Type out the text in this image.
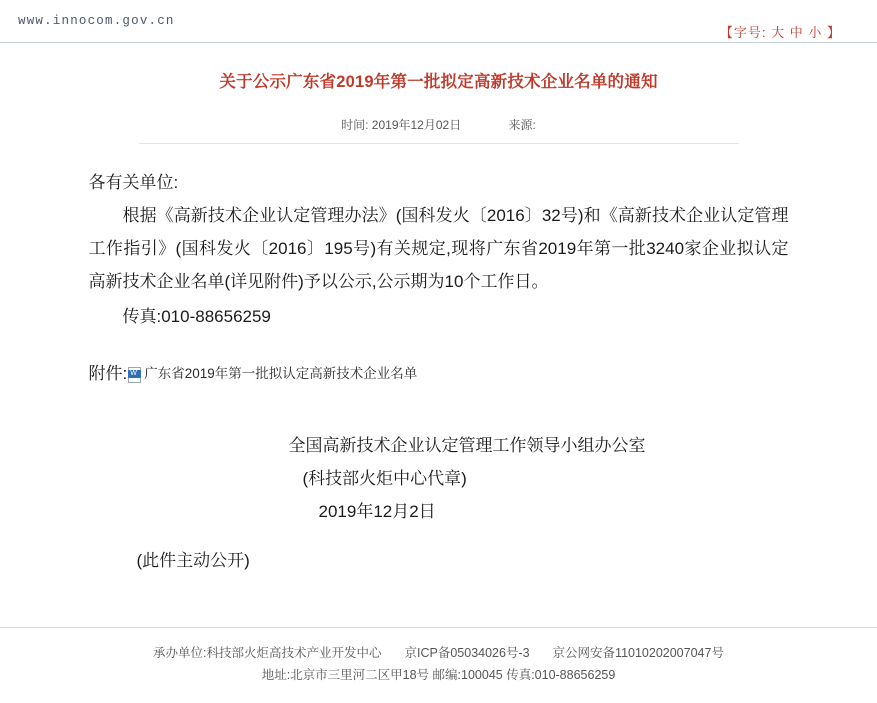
www.innocom.gov.cn
【字号: 大 中 小 】
关于公示广东省2019年第一批拟定高新技术企业名单的通知
时间: 2019年12月02日	来源:
各有关单位:
根据《高新技术企业认定管理办法》(国科发火〔2016〕32号)和《高新技术企业认定管理工作指引》(国科发火〔2016〕195号)有关规定,现将广东省2019年第一批3240家企业拟认定高新技术企业名单(详见附件)予以公示,公示期为10个工作日。
传真:010-88656259
附件: W 广东省2019年第一批拟认定高新技术企业名单
全国高新技术企业认定管理工作领导小组办公室
(科技部火炬中心代章)
2019年12月2日
(此件主动公开)
承办单位:科技部火炬高技术产业开发中心 京ICP备05034026号-3 京公网安备11010202007047号
地址:北京市三里河二区甲18号 邮编:100045 传真:010-88656259
